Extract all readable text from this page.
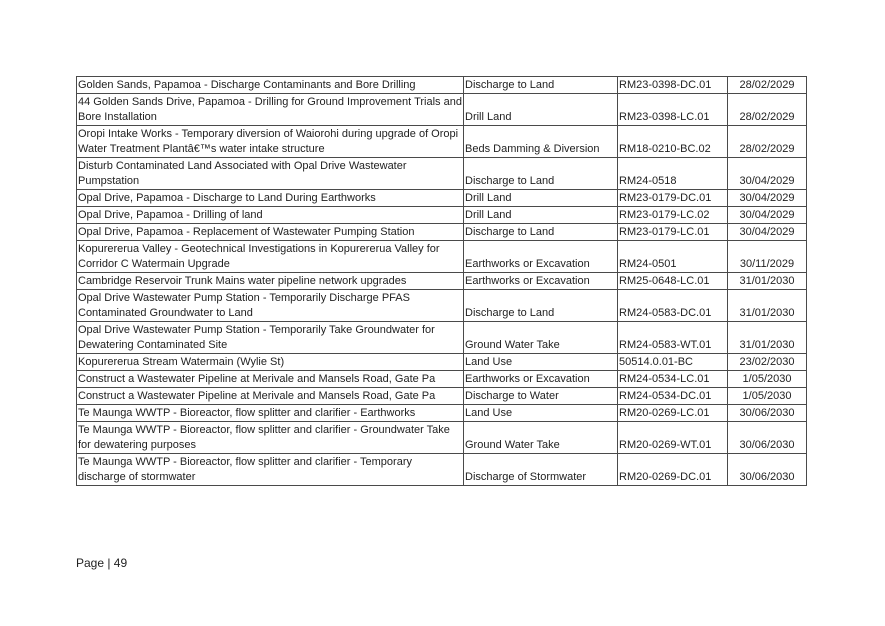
Golden Sands, Papamoa - Discharge Contaminants and Bore Drilling	Discharge to Land	RM23-0398-DC.01	28/02/2029
44 Golden Sands Drive, Papamoa - Drilling for Ground Improvement Trials and Bore Installation	Drill Land	RM23-0398-LC.01	28/02/2029
Oropi Intake Works - Temporary diversion of Waiorohi during upgrade of Oropi Water Treatment Plantâ€™s water intake structure	Beds Damming & Diversion	RM18-0210-BC.02	28/02/2029
Disturb Contaminated Land Associated with Opal Drive Wastewater Pumpstation	Discharge to Land	RM24-0518	30/04/2029
Opal Drive, Papamoa - Discharge to Land During Earthworks	Drill Land	RM23-0179-DC.01	30/04/2029
Opal Drive, Papamoa - Drilling of land	Drill Land	RM23-0179-LC.02	30/04/2029
Opal Drive, Papamoa - Replacement of Wastewater Pumping Station	Discharge to Land	RM23-0179-LC.01	30/04/2029
Kopurererua Valley - Geotechnical Investigations in Kopurererua Valley for Corridor C Watermain Upgrade	Earthworks or Excavation	RM24-0501	30/11/2029
Cambridge Reservoir Trunk Mains water pipeline network upgrades	Earthworks or Excavation	RM25-0648-LC.01	31/01/2030
Opal Drive Wastewater Pump Station - Temporarily Discharge PFAS Contaminated Groundwater to Land	Discharge to Land	RM24-0583-DC.01	31/01/2030
Opal Drive Wastewater Pump Station - Temporarily Take Groundwater for Dewatering Contaminated Site	Ground Water Take	RM24-0583-WT.01	31/01/2030
Kopurererua Stream Watermain (Wylie St)	Land Use	50514.0.01-BC	23/02/2030
Construct a Wastewater Pipeline at Merivale and Mansels Road, Gate Pa	Earthworks or Excavation	RM24-0534-LC.01	1/05/2030
Construct a Wastewater Pipeline at Merivale and Mansels Road, Gate Pa	Discharge to Water	RM24-0534-DC.01	1/05/2030
Te Maunga WWTP - Bioreactor, flow splitter and clarifier - Earthworks	Land Use	RM20-0269-LC.01	30/06/2030
Te Maunga WWTP - Bioreactor, flow splitter and clarifier - Groundwater Take for dewatering purposes	Ground Water Take	RM20-0269-WT.01	30/06/2030
Te Maunga WWTP - Bioreactor, flow splitter and clarifier - Temporary discharge of stormwater	Discharge of Stormwater	RM20-0269-DC.01	30/06/2030
Page | 49
